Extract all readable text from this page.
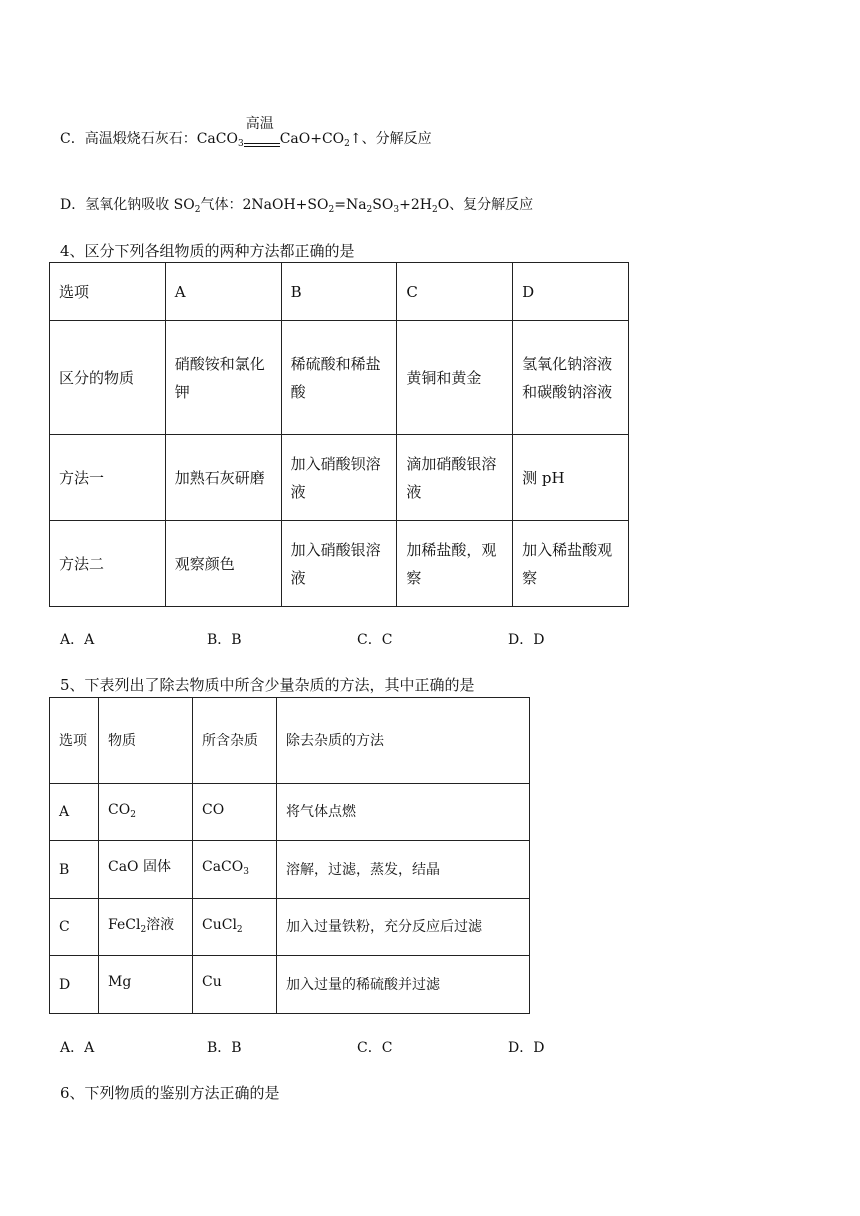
C．高温煅烧石灰石：CaCO$_3$
高温
$CaO+CO_2↑$、分解反应
D．氢氧化钠吸收 $SO_2$气体：$2NaOH+SO_2=Na_2SO_3+2H_2O$、复分解反应
4、区分下列各组物质的两种方法都正确的是
选项	A	B	C	D
区分的物质	硝酸铵和氯化钾	稀硫酸和稀盐酸	黄铜和黄金	氢氧化钠溶液和碳酸钠溶液
方法一	加熟石灰研磨	加入硝酸钡溶液	滴加硝酸银溶液	测 pH
方法二	观察颜色	加入硝酸银溶液	加稀盐酸，观察	加入稀盐酸观察
A．A	B．B	C．C	D．D
5、下表列出了除去物质中所含少量杂质的方法，其中正确的是
选项	物质	所含杂质	除去杂质的方法
A	$CO_2$	CO	将气体点燃
B	CaO 固体	CaCO$_3$	溶解，过滤，蒸发，结晶
C	FeCl$_2$溶液	CuCl$_2$	加入过量铁粉，充分反应后过滤
D	Mg	Cu	加入过量的稀硫酸并过滤
A．A	B．B	C．C	D．D
6、下列物质的鉴别方法正确的是
